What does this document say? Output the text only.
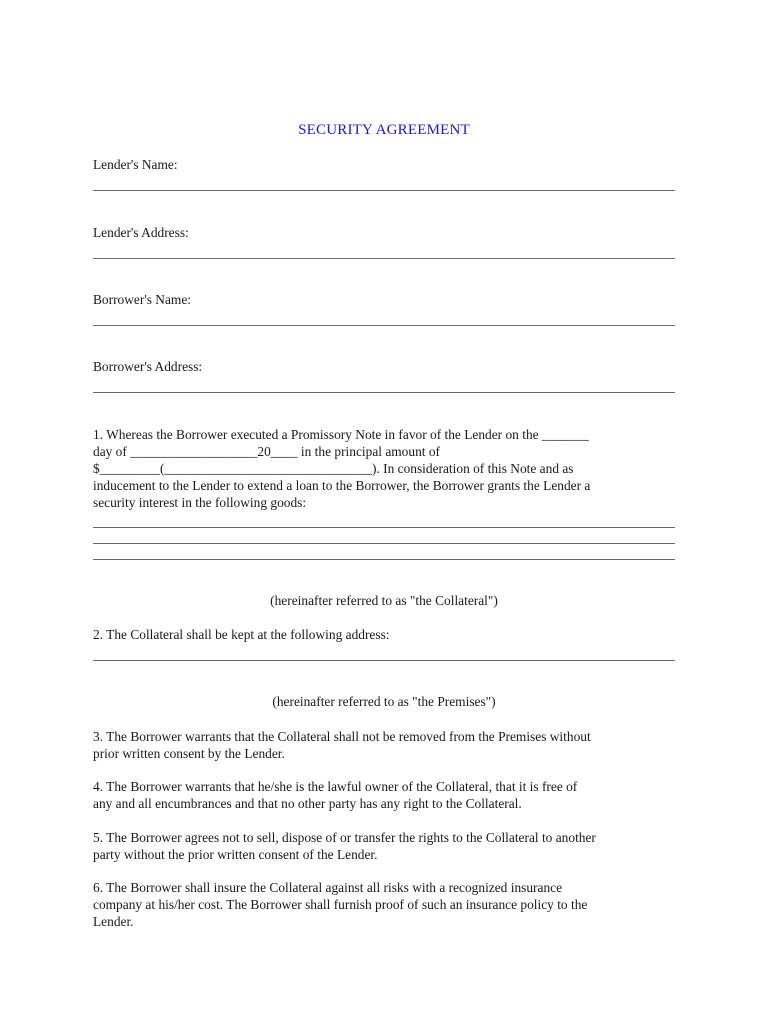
SECURITY AGREEMENT
Lender's Name:
Lender's Address:
Borrower's Name:
Borrower's Address:
1. Whereas the Borrower executed a Promissory Note in favor of the Lender on the _______
day of ___________________20____ in the principal amount of
$_________(_______________________________). In consideration of this Note and as
inducement to the Lender to extend a loan to the Borrower, the Borrower grants the Lender a
security interest in the following goods:
(hereinafter referred to as "the Collateral")
2. The Collateral shall be kept at the following address:
(hereinafter referred to as "the Premises")
3. The Borrower warrants that the Collateral shall not be removed from the Premises without
prior written consent by the Lender.
4. The Borrower warrants that he/she is the lawful owner of the Collateral, that it is free of
any and all encumbrances and that no other party has any right to the Collateral.
5. The Borrower agrees not to sell, dispose of or transfer the rights to the Collateral to another
party without the prior written consent of the Lender.
6. The Borrower shall insure the Collateral against all risks with a recognized insurance
company at his/her cost. The Borrower shall furnish proof of such an insurance policy to the
Lender.
